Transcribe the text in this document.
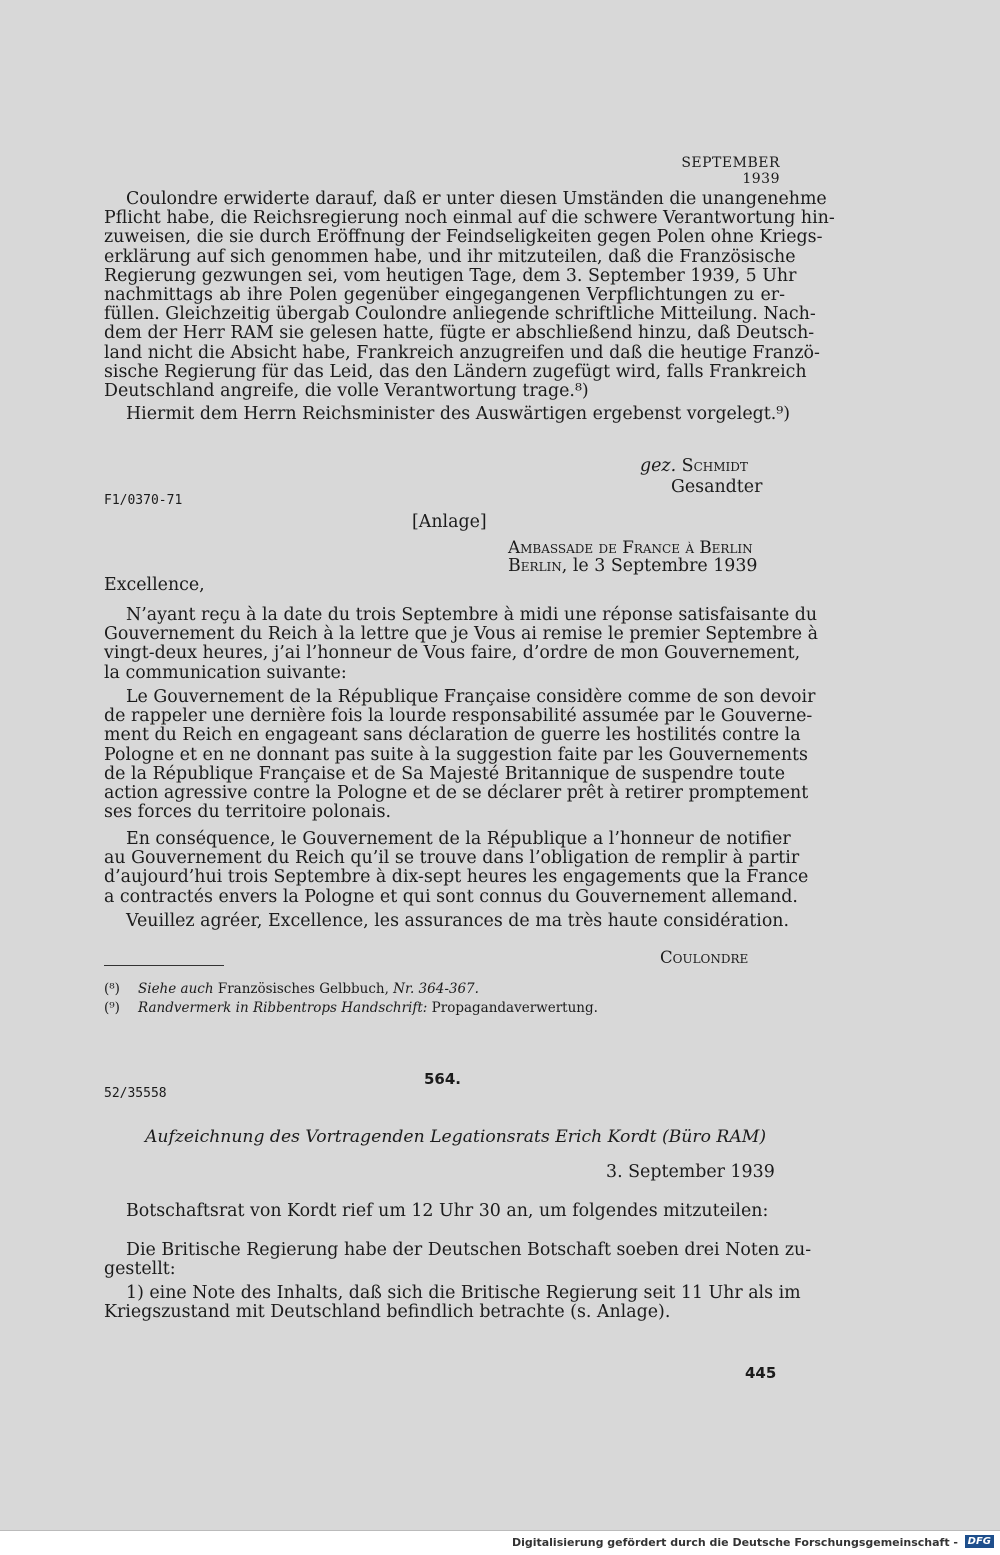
SEPTEMBER 1939
Coulondre erwiderte darauf, daß er unter diesen Umständen die unangenehme
Pflicht habe, die Reichsregierung noch einmal auf die schwere Verantwortung hin-
zuweisen, die sie durch Eröffnung der Feindseligkeiten gegen Polen ohne Kriegs-
erklärung auf sich genommen habe, und ihr mitzuteilen, daß die Französische
Regierung gezwungen sei, vom heutigen Tage, dem 3. September 1939, 5 Uhr
nachmittags ab ihre Polen gegenüber eingegangenen Verpflichtungen zu er-
füllen. Gleichzeitig übergab Coulondre anliegende schriftliche Mitteilung. Nach-
dem der Herr RAM sie gelesen hatte, fügte er abschließend hinzu, daß Deutsch-
land nicht die Absicht habe, Frankreich anzugreifen und daß die heutige Franzö-
sische Regierung für das Leid, das den Ländern zugefügt wird, falls Frankreich
Deutschland angreife, die volle Verantwortung trage.⁸)
Hiermit dem Herrn Reichsminister des Auswärtigen ergebenst vorgelegt.⁹)
gez. Schmidt
Gesandter
F1/0370-71
[Anlage]
Ambassade de France à Berlin
Berlin, le 3 Septembre 1939
Excellence,
N’ayant reçu à la date du trois Septembre à midi une réponse satisfaisante du
Gouvernement du Reich à la lettre que je Vous ai remise le premier Septembre à
vingt-deux heures, j’ai l’honneur de Vous faire, d’ordre de mon Gouvernement,
la communication suivante:
Le Gouvernement de la République Française considère comme de son devoir
de rappeler une dernière fois la lourde responsabilité assumée par le Gouverne-
ment du Reich en engageant sans déclaration de guerre les hostilités contre la
Pologne et en ne donnant pas suite à la suggestion faite par les Gouvernements
de la République Française et de Sa Majesté Britannique de suspendre toute
action agressive contre la Pologne et de se déclarer prêt à retirer promptement
ses forces du territoire polonais.
En conséquence, le Gouvernement de la République a l’honneur de notifier
au Gouvernement du Reich qu’il se trouve dans l’obligation de remplir à partir
d’aujourd’hui trois Septembre à dix-sept heures les engagements que la France
a contractés envers la Pologne et qui sont connus du Gouvernement allemand.
Veuillez agréer, Excellence, les assurances de ma très haute considération.
Coulondre
(⁸) Siehe auch Französisches Gelbbuch, Nr. 364-367.
(⁹) Randvermerk in Ribbentrops Handschrift: Propagandaverwertung.
564.
52/35558
Aufzeichnung des Vortragenden Legationsrats Erich Kordt (Büro RAM)
3. September 1939
Botschaftsrat von Kordt rief um 12 Uhr 30 an, um folgendes mitzuteilen:
Die Britische Regierung habe der Deutschen Botschaft soeben drei Noten zu-
gestellt:
1) eine Note des Inhalts, daß sich die Britische Regierung seit 11 Uhr als im
Kriegszustand mit Deutschland befindlich betrachte (s. Anlage).
445
Digitalisierung gefördert durch die Deutsche Forschungsgemeinschaft - DFG
